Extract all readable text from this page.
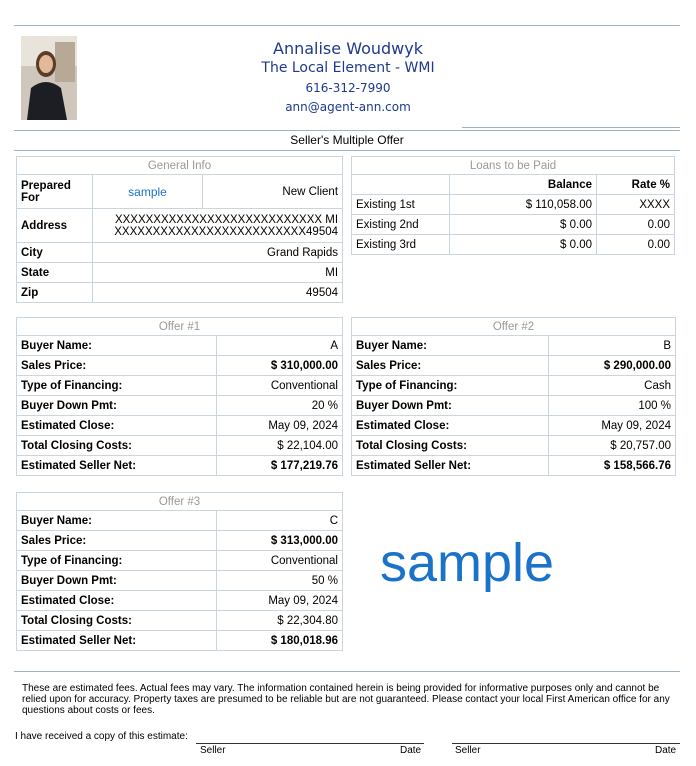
Annalise Woudwyk
The Local Element - WMI
616-312-7990
ann@agent-ann.com
Seller's Multiple Offer
General Info		
Prepared For	sample	New Client
Address	XXXXXXXXXXXXXXXXXXXXXXXXXXX MI
XXXXXXXXXXXXXXXXXXXXXXXXX49504	

City	Grand Rapids	
State	MI	
Zip	49504	
Loans to be Paid		
	Balance	Rate %
Existing 1st	$ 110,058.00	XXXX
Existing 2nd	$ 0.00	0.00
Existing 3rd	$ 0.00	0.00
Offer #1	
Buyer Name:	A
Sales Price:	$ 310,000.00
Type of Financing:	Conventional
Buyer Down Pmt:	20 %
Estimated Close:	May 09, 2024
Total Closing Costs:	$ 22,104.00
Estimated Seller Net:	$ 177,219.76
Offer #2	
Buyer Name:	B
Sales Price:	$ 290,000.00
Type of Financing:	Cash
Buyer Down Pmt:	100 %
Estimated Close:	May 09, 2024
Total Closing Costs:	$ 20,757.00
Estimated Seller Net:	$ 158,566.76
Offer #3	
Buyer Name:	C
Sales Price:	$ 313,000.00
Type of Financing:	Conventional
Buyer Down Pmt:	50 %
Estimated Close:	May 09, 2024
Total Closing Costs:	$ 22,304.80
Estimated Seller Net:	$ 180,018.96
sample
These are estimated fees. Actual fees may vary. The information contained herein is being provided for informative purposes only and cannot be relied upon for accuracy. Property taxes are presumed to be reliable but are not guaranteed. Please contact your local First American office for any questions about costs or fees.
I have received a copy of this estimate:
Seller	Date	Seller	Date
